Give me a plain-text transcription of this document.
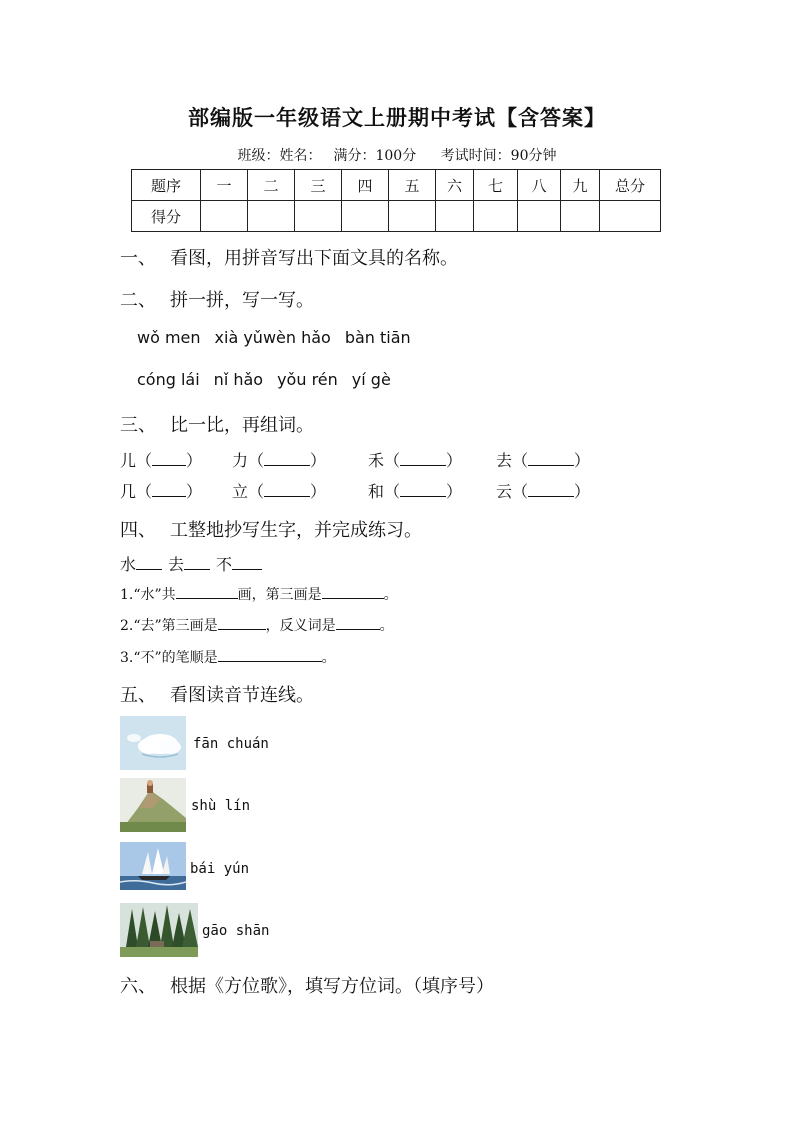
部编版一年级语文上册期中考试【含答案】
班级：姓名： 满分：100分 考试时间：90分钟
题序	一	二	三	四	五	六	七	八	九	总分
得分										
一、 看图，用拼音写出下面文具的名称。
二、 拼一拼，写一写。
wǒ men xià yǔwèn hǎo bàn tiān
cóng lái nǐ hǎo yǒu rén yí gè
三、 比一比，再组词。
儿（ ） 力（	）	禾（	） 去（	）
几（ ） 立（	）	和（	） 云（	）
四、 工整地抄写生字，并完成练习。
水 去 不
1.“水”共	画，第三画是	。
2.“去”第三画是	，反义词是	。
3.“不”的笔顺是	。
五、 看图读音节连线。
fān chuán
shù lín
bái yún
gāo shān
六、 根据《方位歌》，填写方位词。（填序号）
